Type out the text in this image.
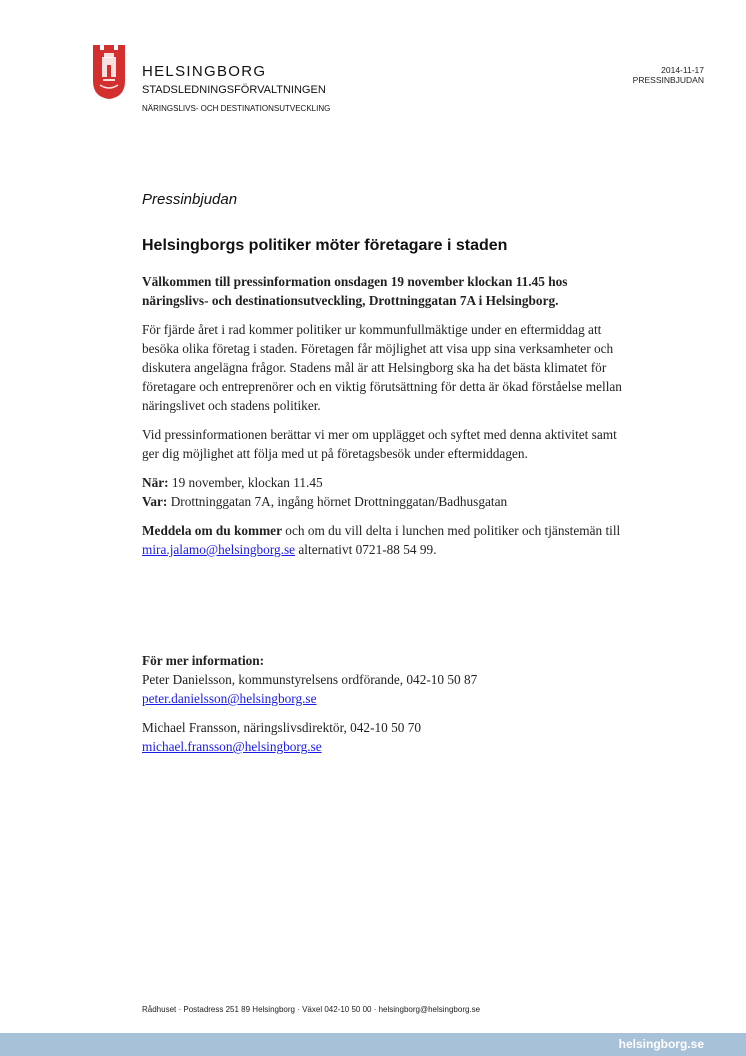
HELSINGBORG
STADSLEDNINGSFÖRVALTNINGEN
NÄRINGSLIVS- OCH DESTINATIONSUTVECKLING
2014-11-17
PRESSINBJUDAN
Pressinbjudan
Helsingborgs politiker möter företagare i staden

Välkommen till pressinformation onsdagen 19 november klockan 11.45 hos näringslivs- och destinationsutveckling, Drottninggatan 7A i Helsingborg.

För fjärde året i rad kommer politiker ur kommunfullmäktige under en eftermiddag att besöka olika företag i staden. Företagen får möjlighet att visa upp sina verksamheter och diskutera angelägna frågor. Stadens mål är att Helsingborg ska ha det bästa klimatet för företagare och entreprenörer och en viktig förutsättning för detta är ökad förståelse mellan näringslivet och stadens politiker.

Vid pressinformationen berättar vi mer om upplägget och syftet med denna aktivitet samt ger dig möjlighet att följa med ut på företagsbesök under eftermiddagen.

När: 19 november, klockan 11.45
Var: Drottninggatan 7A, ingång hörnet Drottninggatan/Badhusgatan

Meddela om du kommer och om du vill delta i lunchen med politiker och tjänstemän till mira.jalamo@helsingborg.se alternativt 0721-88 54 99.

För mer information:
Peter Danielsson, kommunstyrelsens ordförande, 042-10 50 87
peter.danielsson@helsingborg.se

Michael Fransson, näringslivsdirektör, 042-10 50 70
michael.fransson@helsingborg.se

Rådhuset · Postadress 251 89 Helsingborg · Växel 042-10 50 00 · helsingborg@helsingborg.se
helsingborg.se
